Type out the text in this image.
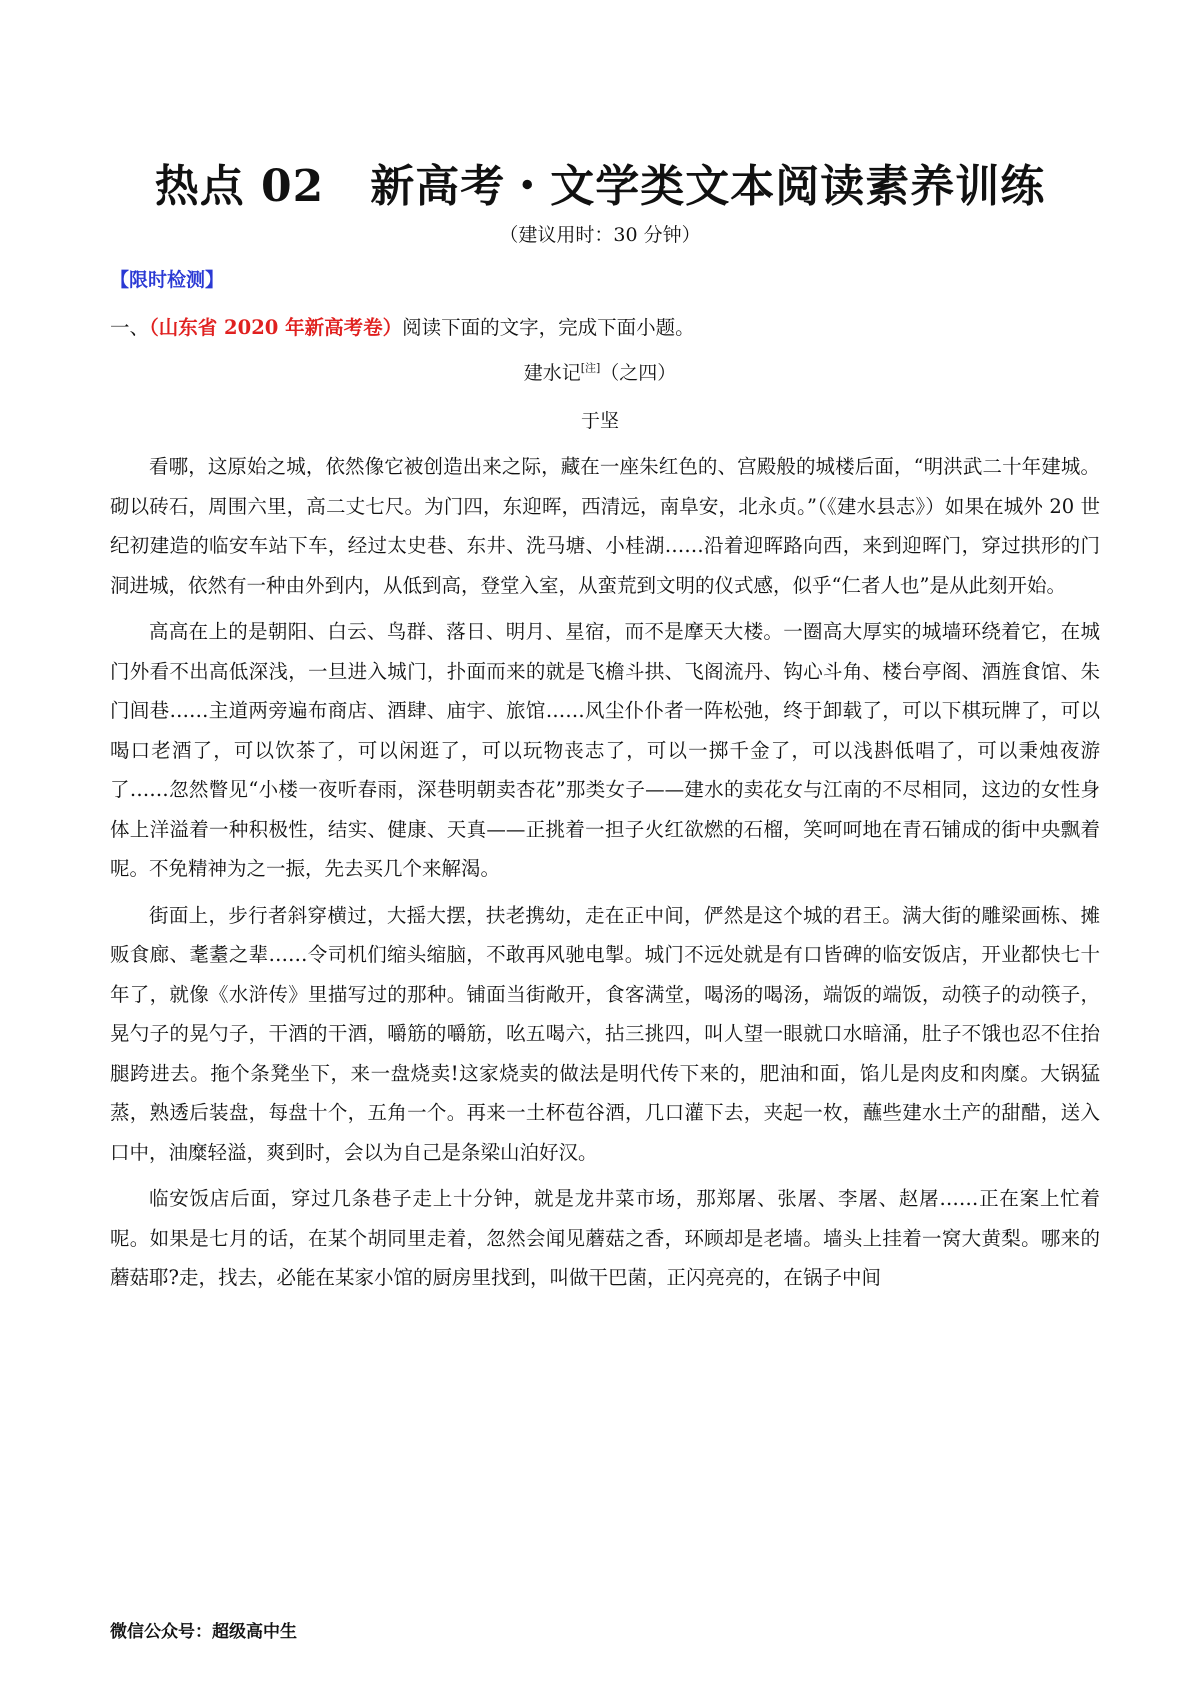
热点 02 新高考・文学类文本阅读素养训练
（建议用时：30 分钟）
【限时检测】
一、（山东省 2020 年新高考卷）阅读下面的文字，完成下面小题。
建水记[注]（之四）
于坚

看哪，这原始之城，依然像它被创造出来之际，藏在一座朱红色的、宫殿般的城楼后面，“明洪武二十年建城。砌以砖石，周围六里，高二丈七尺。为门四，东迎晖，西清远，南阜安，北永贞。”（《建水县志》）如果在城外 20 世纪初建造的临安车站下车，经过太史巷、东井、洗马塘、小桂湖……沿着迎晖路向西，来到迎晖门，穿过拱形的门洞进城，依然有一种由外到内，从低到高，登堂入室，从蛮荒到文明的仪式感，似乎“仁者人也”是从此刻开始。

高高在上的是朝阳、白云、鸟群、落日、明月、星宿，而不是摩天大楼。一圈高大厚实的城墙环绕着它，在城门外看不出高低深浅，一旦进入城门，扑面而来的就是飞檐斗拱、飞阁流丹、钩心斗角、楼台亭阁、酒旌食馆、朱门闾巷……主道两旁遍布商店、酒肆、庙宇、旅馆……风尘仆仆者一阵松弛，终于卸载了，可以下棋玩牌了，可以喝口老酒了，可以饮茶了，可以闲逛了，可以玩物丧志了，可以一掷千金了，可以浅斟低唱了，可以秉烛夜游了……忽然瞥见“小楼一夜听春雨，深巷明朝卖杏花”那类女子——建水的卖花女与江南的不尽相同，这边的女性身体上洋溢着一种积极性，结实、健康、天真——正挑着一担子火红欲燃的石榴，笑呵呵地在青石铺成的街中央飘着呢。不免精神为之一振，先去买几个来解渴。

街面上，步行者斜穿横过，大摇大摆，扶老携幼，走在正中间，俨然是这个城的君王。满大街的雕梁画栋、摊贩食廊、耄耋之辈……令司机们缩头缩脑，不敢再风驰电掣。城门不远处就是有口皆碑的临安饭店，开业都快七十年了，就像《水浒传》里描写过的那种。铺面当街敞开，食客满堂，喝汤的喝汤，端饭的端饭，动筷子的动筷子，晃勺子的晃勺子，干酒的干酒，嚼筋的嚼筋，吆五喝六，拈三挑四，叫人望一眼就口水暗涌，肚子不饿也忍不住抬腿跨进去。拖个条凳坐下，来一盘烧卖!这家烧卖的做法是明代传下来的，肥油和面，馅儿是肉皮和肉糜。大锅猛蒸，熟透后装盘，每盘十个，五角一个。再来一土杯苞谷酒，几口灌下去，夹起一枚，蘸些建水土产的甜醋，送入口中，油糜轻溢，爽到时，会以为自己是条梁山泊好汉。

临安饭店后面，穿过几条巷子走上十分钟，就是龙井菜市场，那郑屠、张屠、李屠、赵屠……正在案上忙着呢。如果是七月的话，在某个胡同里走着，忽然会闻见蘑菇之香，环顾却是老墙。墙头上挂着一窝大黄梨。哪来的蘑菇耶?走，找去，必能在某家小馆的厨房里找到，叫做干巴菌，正闪亮亮的，在锅子中间

微信公众号：超级高中生
